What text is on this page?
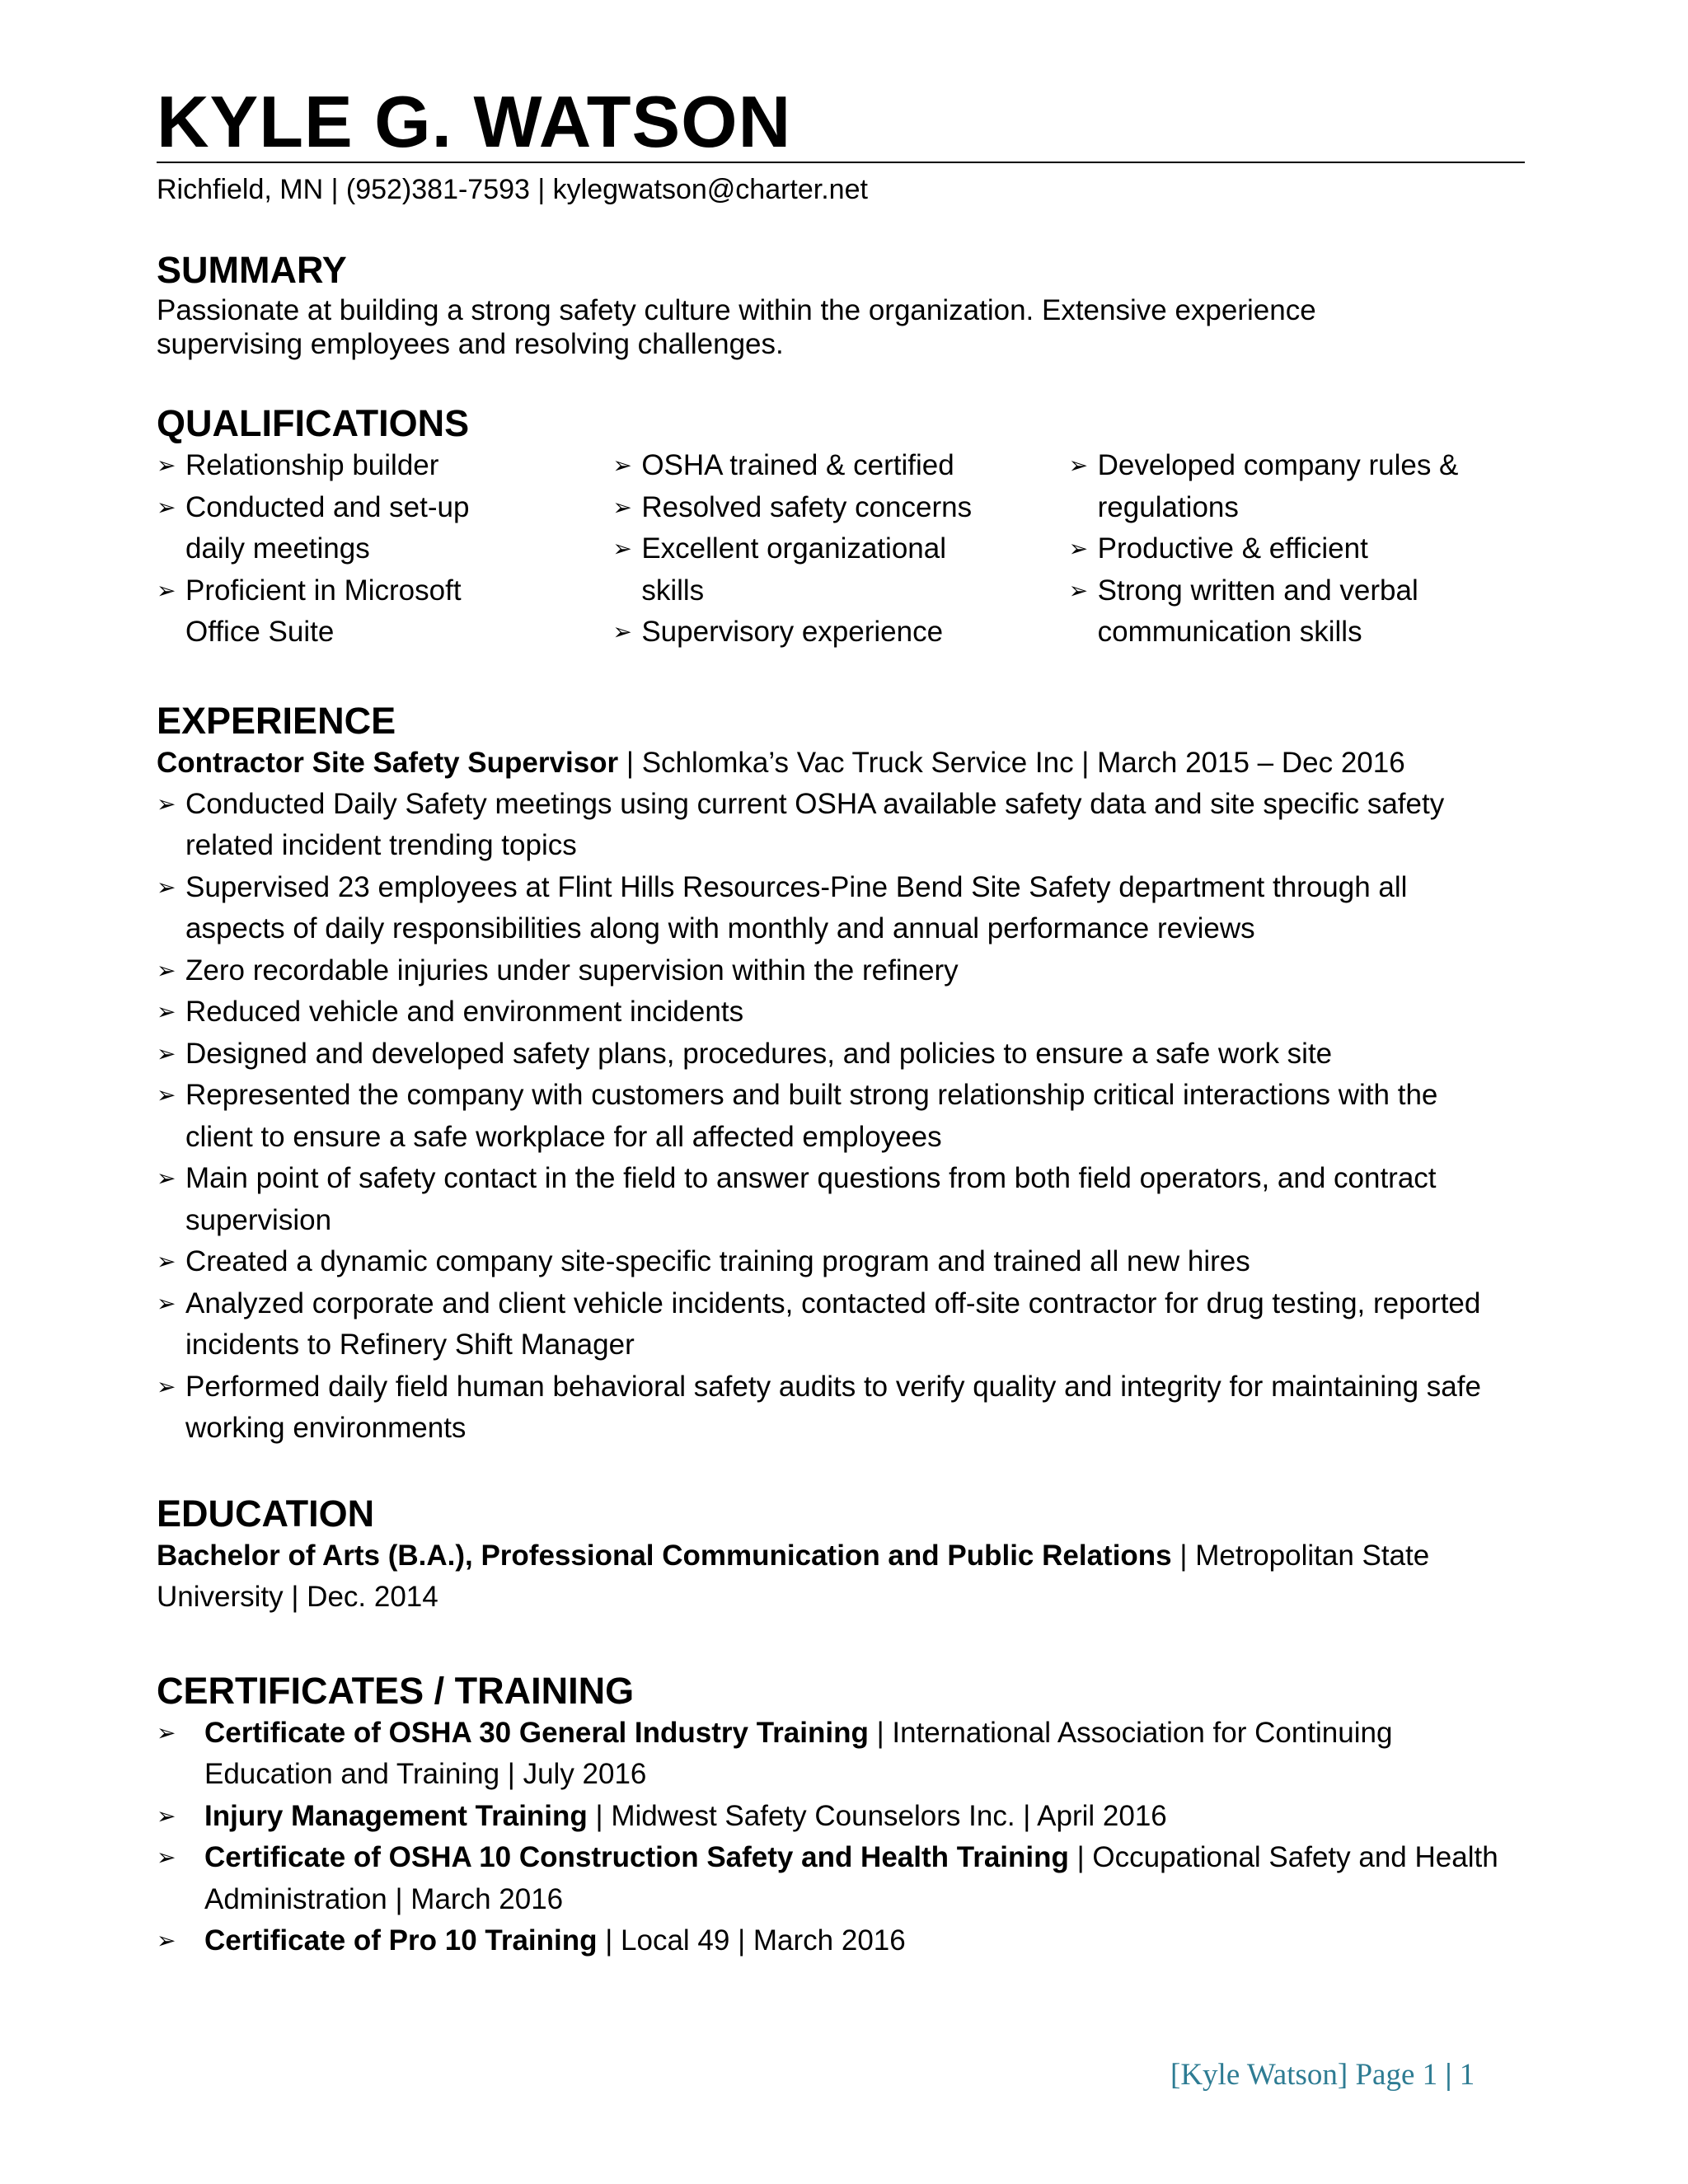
KYLE G. WATSON
Richfield, MN | (952)381-7593 | kylegwatson@charter.net
SUMMARY

Passionate at building a strong safety culture within the organization. Extensive experience

supervising employees and resolving challenges.

QUALIFICATIONS
➢ Relationship builder
➢ Conducted and set-up daily meetings
➢ Proficient in Microsoft Office Suite
➢ OSHA trained & certified
➢ Resolved safety concerns
➢ Excellent organizational skills
➢ Supervisory experience
➢ Developed company rules & regulations
➢ Productive & efficient
➢ Strong written and verbal communication skills
EXPERIENCE
Contractor Site Safety Supervisor | Schlomka’s Vac Truck Service Inc | March 2015 – Dec 2016
➢ Conducted Daily Safety meetings using current OSHA available safety data and site specific safety related incident trending topics
➢ Supervised 23 employees at Flint Hills Resources-Pine Bend Site Safety department through all aspects of daily responsibilities along with monthly and annual performance reviews
➢ Zero recordable injuries under supervision within the refinery
➢ Reduced vehicle and environment incidents
➢ Designed and developed safety plans, procedures, and policies to ensure a safe work site
➢ Represented the company with customers and built strong relationship critical interactions with the client to ensure a safe workplace for all affected employees
➢ Main point of safety contact in the field to answer questions from both field operators, and contract supervision
➢ Created a dynamic company site-specific training program and trained all new hires
➢ Analyzed corporate and client vehicle incidents, contacted off-site contractor for drug testing, reported incidents to Refinery Shift Manager
➢ Performed daily field human behavioral safety audits to verify quality and integrity for maintaining safe working environments
EDUCATION
Bachelor of Arts (B.A.), Professional Communication and Public Relations | Metropolitan State University | Dec. 2014
CERTIFICATES / TRAINING
➢ Certificate of OSHA 30 General Industry Training | International Association for Continuing Education and Training | July 2016
➢ Injury Management Training | Midwest Safety Counselors Inc. | April 2016
➢ Certificate of OSHA 10 Construction Safety and Health Training | Occupational Safety and Health Administration | March 2016
➢ Certificate of Pro 10 Training | Local 49 | March 2016
[Kyle Watson] Page 1 | 1
